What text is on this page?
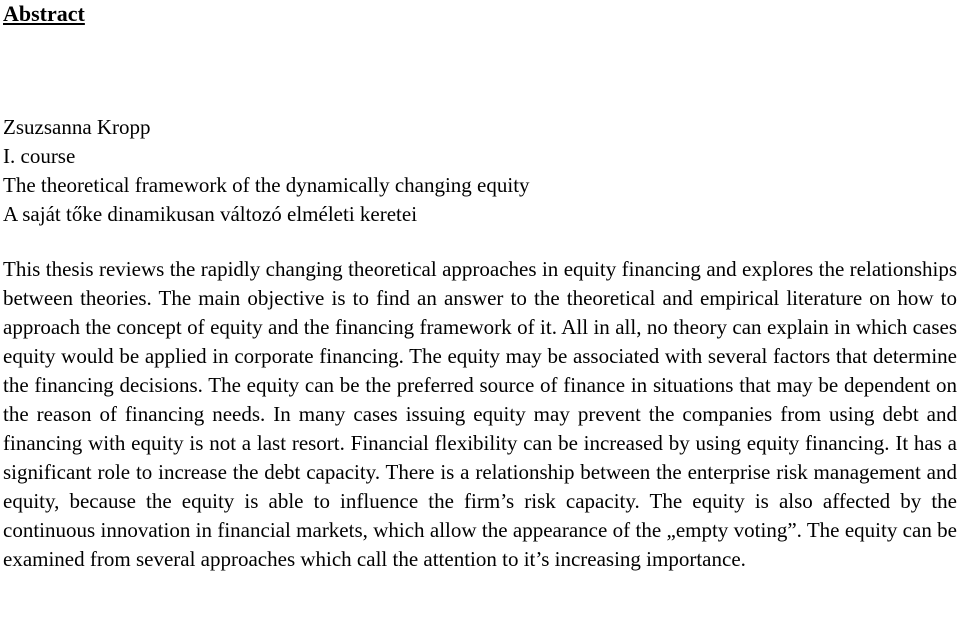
Abstract
Zsuzsanna Kropp
I. course
The theoretical framework of the dynamically changing equity
A saját tőke dinamikusan változó elméleti keretei

This thesis reviews the rapidly changing theoretical approaches in equity financing and explores the relationships between theories. The main objective is to find an answer to the theoretical and empirical literature on how to approach the concept of equity and the financing framework of it. All in all, no theory can explain in which cases equity would be applied in corporate financing. The equity may be associated with several factors that determine the financing decisions. The equity can be the preferred source of finance in situations that may be dependent on the reason of financing needs. In many cases issuing equity may prevent the companies from using debt and financing with equity is not a last resort. Financial flexibility can be increased by using equity financing. It has a significant role to increase the debt capacity. There is a relationship between the enterprise risk management and equity, because the equity is able to influence the firm’s risk capacity. The equity is also affected by the continuous innovation in financial markets, which allow the appearance of the „empty voting”. The equity can be examined from several approaches which call the attention to it’s increasing importance.
